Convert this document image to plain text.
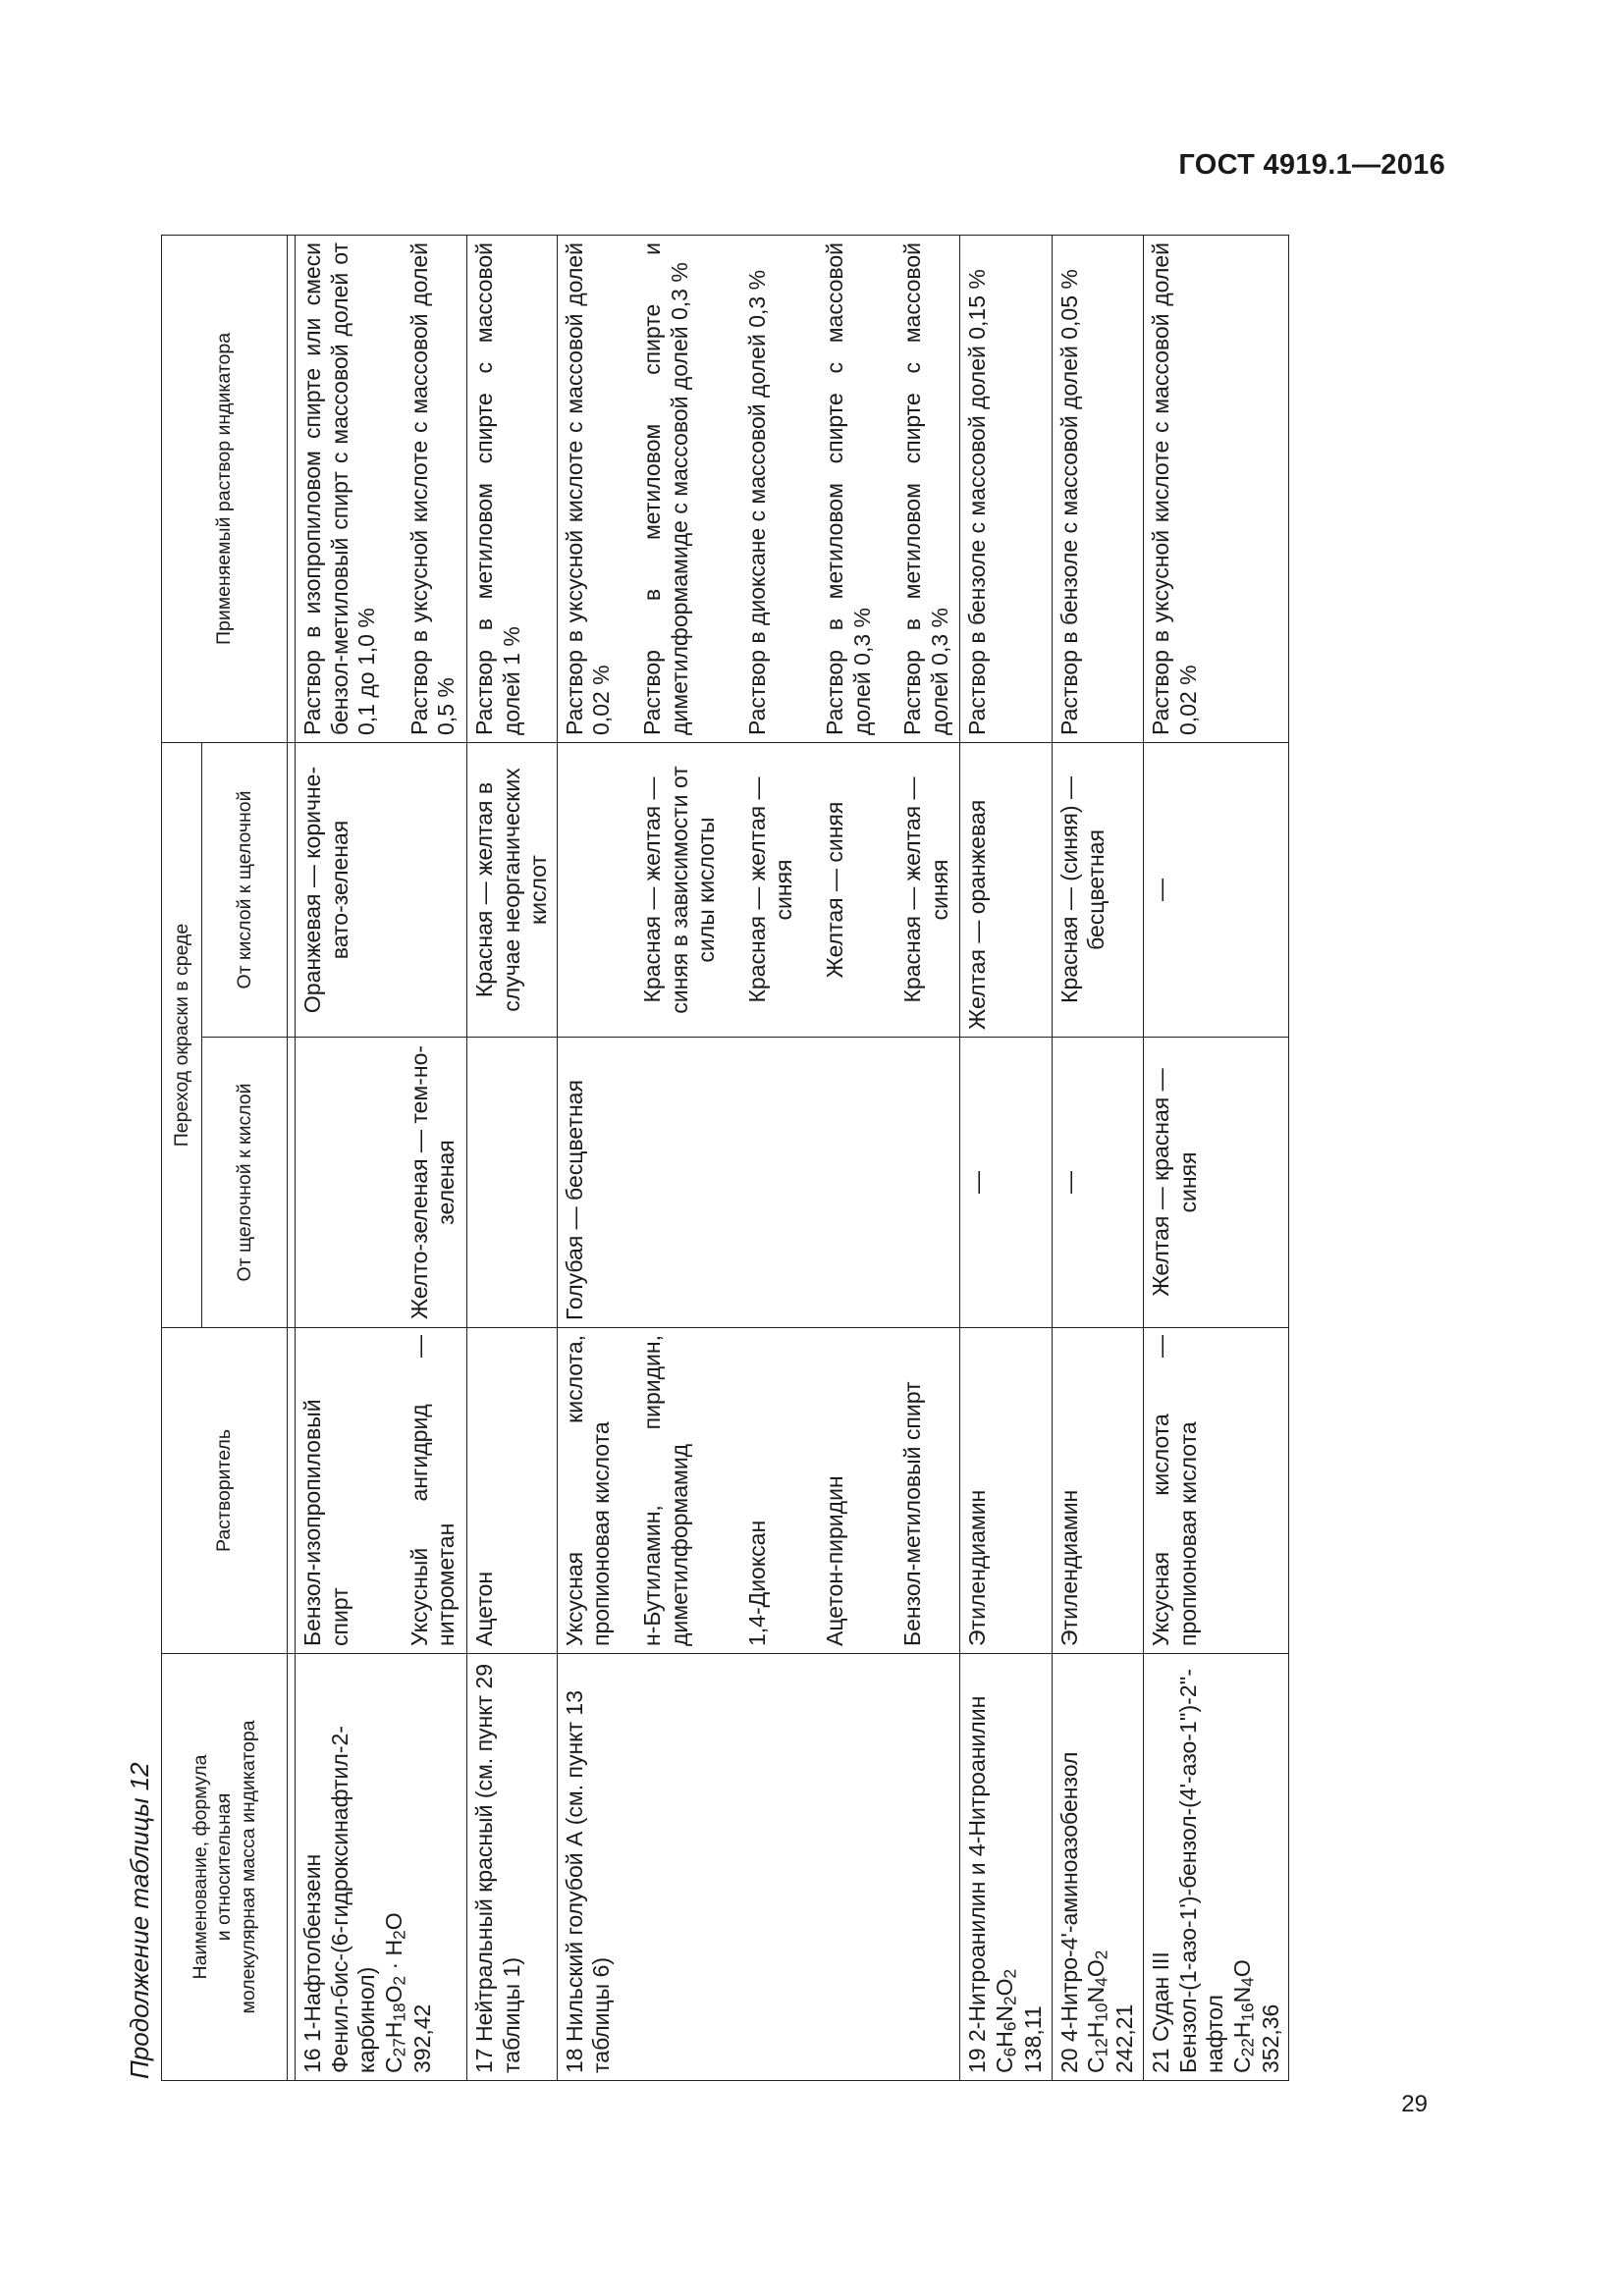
ГОСТ 4919.1—2016
29
Продолжение таблицы 12 Наименование, формула и относительная молекулярная масса индикатора	Растворитель	Переход окраски в среде		Применяемый раствор индикатора
		От щелочной к кислой	От кислой к щелочной	

16 1-Нафтолбензеин Фенил-бис-(6-гидроксинафтил-2-карбинол) $C_{27}H_{18}O_2 \cdot H_2O$
392,42	Бензол-изопропиловый спирт		Оранжевая — коричне-вато-зеленая	Раствор в изопропиловом спирте или смеси бензол-метиловый спирт с массовой долей от 0,1 до 1,0 %
	Уксусный ангидрид — нитрометан	Желто-зеленая — тем-но-зеленая		Раствор в уксусной кислоте с массовой долей 0,5 %

17 Нейтральный красный (см. пункт 29 таблицы 1)	Ацетон		Красная — желтая в случае неорганических кислот	Раствор в метиловом спирте с массовой долей 1 %

18 Нильский голубой А (см. пункт 13 таблицы 6)	Уксусная кислота, пропионовая кислота	Голубая — бесцветная		Раствор в уксусной кислоте с массовой долей 0,02 %
	н-Бутиламин, пиридин, диметилформамид		Красная — желтая — синяя в зависимости от силы кислоты	Раствор в метиловом спирте и диметилформамиде с массовой долей 0,3 %
	1,4-Диоксан		Красная — желтая — синяя	Раствор в диоксане с массовой долей 0,3 %
	Ацетон-пиридин		Желтая — синяя	Раствор в метиловом спирте с массовой долей 0,3 %
	Бензол-метиловый спирт		Красная — желтая — синяя	Раствор в метиловом спирте с массовой долей 0,3 %

19 2-Нитроанилин и 4-Нитроанилин $C_6H_6N_2O_2$
138,11	Этилендиамин	—	Желтая — оранжевая	Раствор в бензоле с массовой долей 0,15 %

20 4-Нитро-4'-аминоазобензол $C_{12}H_{10}N_4O_2$
242,21	Этилендиамин	—	Красная — (синяя) — бесцветная	Раствор в бензоле с массовой долей 0,05 %

21 Судан III Бензол-(1-азо-1')-бензол-(4'-азо-1'')-2''-нафтол $C_{22}H_{16}N_4O$
352,36	Уксусная кислота — пропионовая кислота	Желтая — красная — синяя	—	Раствор в уксусной кислоте с массовой долей 0,02 %
